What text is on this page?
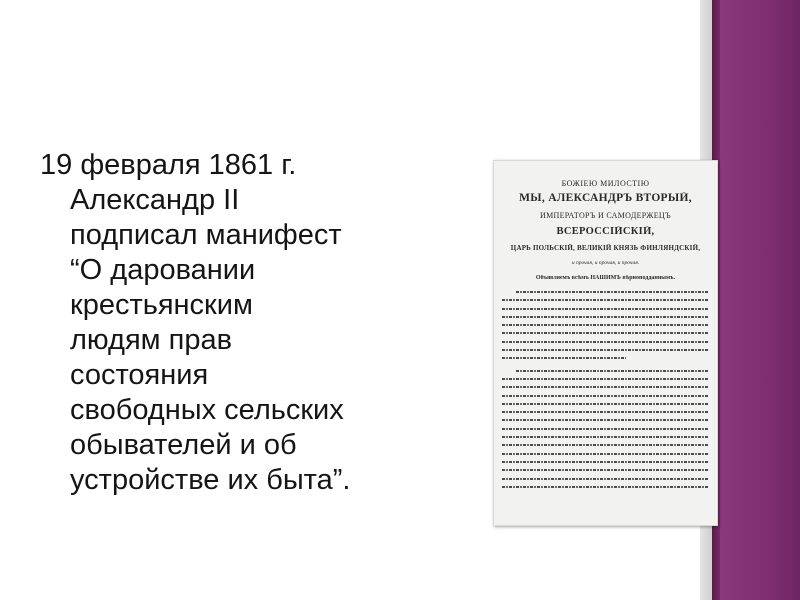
19 февраля 1861 г.
Александр II
подписал манифест
“О даровании
крестьянским
людям прав
состояния
свободных сельских
обывателей и об
устройстве их быта”.
БОЖІЕЮ МИЛОСТІЮ
МЫ, АЛЕКСАНДРЪ ВТОРЫЙ,
ИМПЕРАТОРЪ И САМОДЕРЖЕЦЪ
ВСЕРОССІЙСКІЙ,
ЦАРЬ ПОЛЬСКІЙ, ВЕЛИКІЙ КНЯЗЬ ФИНЛЯНДСКІЙ,
и прочая, и прочая, и прочая.
Объявляемъ всѣмъ НАШИМЪ вѣрноподданнымъ.
